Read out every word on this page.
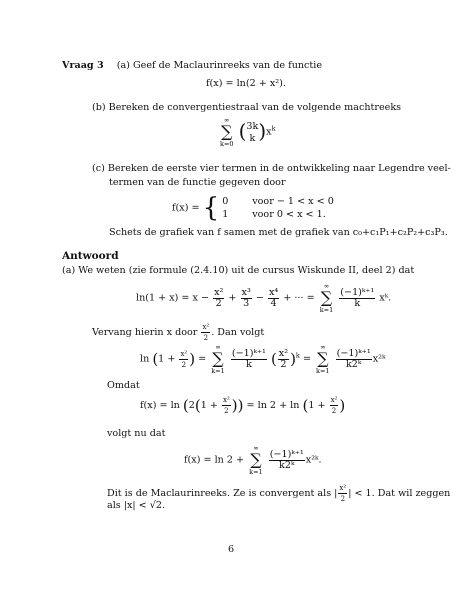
Vraag 3 (a) Geef de Maclaurinreeks van de functie
f(x) = ln(2 + x²).
(b) Bereken de convergentiestraal van de volgende machtreeks
∞
∑
k=0
( 3k
k )$x^k$
(c) Bereken de eerste vier termen in de ontwikkeling naar Legendre veel-
termen van de functie gegeven door
f(x) = { 0 voor − 1 < x < 0
1 voor 0 < x < 1.
Schets de grafiek van f samen met de grafiek van c₀+c₁P₁+c₂P₂+c₃P₃.
Antwoord
(a) We weten (zie formule (2.4.10) uit de cursus Wiskunde II, deel 2) dat
$\ln(1 + x) = x - \frac{\text{x²}}{2} + \frac{\text{x³}}{3} - \frac{\text{x⁴}}{4}$ + ··· =
∞
∑
k=1

$\frac{\text{(−1)ᵏ⁺¹}}{k}$ xᵏ.
Vervang hierin x door $\frac{\text{x²}}{2}$ . Dan volgt
$\ln (1 + \frac{\text{x²}}{2}$ ) =
∞
∑
k=1

$\frac{\text{(−1)ᵏ⁺¹}}{k}$ ( $\frac{\text{x²}}{2} )^k$ =
∞
∑
k=1

$\frac{\text{(−1)ᵏ⁺¹}}{\text{k2ᵏ}}$ x²ᵏ
Omdat
$f(x) = \ln (2(1 + \frac{\text{x²}}{2}$ )) = $\ln 2 + \ln (1 + \frac{\text{x²}}{2}$ )
volgt nu dat
f(x) = ln 2 +
∞
∑
k=1

$\frac{\text{(−1)ᵏ⁺¹}}{\text{k2ᵏ}}$ x²ᵏ.
Dit is de Maclaurinreeks. Ze is convergent als | $\frac{\text{x²}}{2}$ | < 1. Dat wil zeggen
als |x| < √2.
6
